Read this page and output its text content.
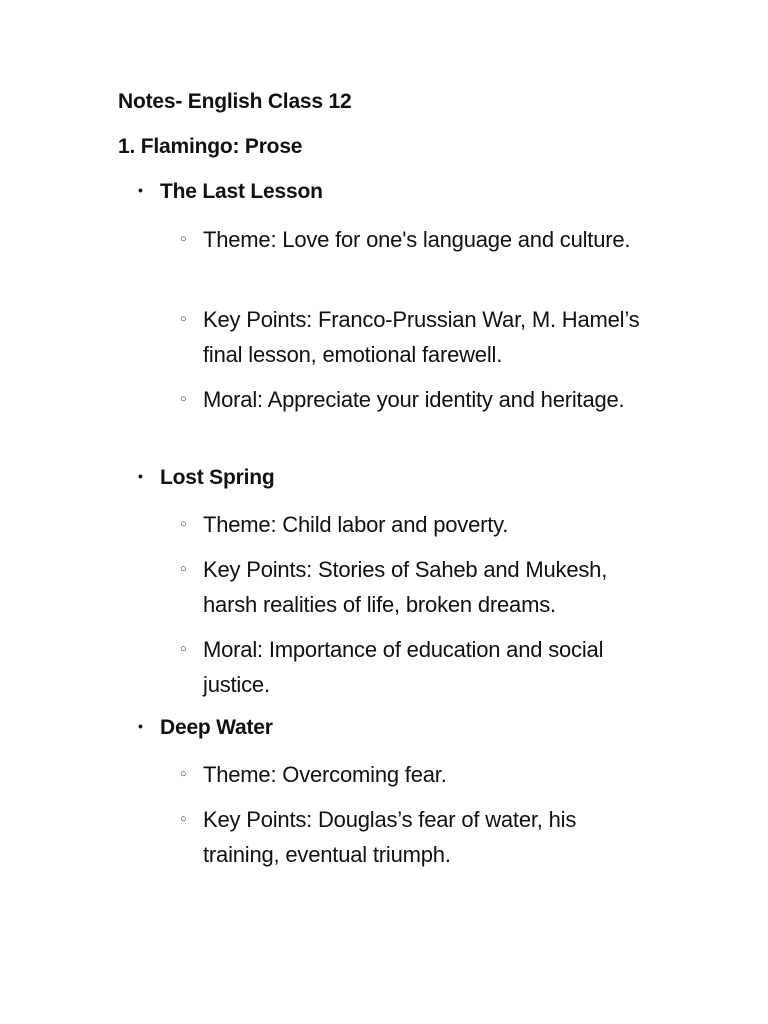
Notes- English Class 12
1. Flamingo: Prose
• The Last Lesson
○ Theme: Love for one's language and culture.
○ Key Points: Franco-Prussian War, M. Hamel’s final lesson, emotional farewell.
○ Moral: Appreciate your identity and heritage.
• Lost Spring
○ Theme: Child labor and poverty.
○ Key Points: Stories of Saheb and Mukesh, harsh realities of life, broken dreams.
○ Moral: Importance of education and social justice.
• Deep Water
○ Theme: Overcoming fear.
○ Key Points: Douglas’s fear of water, his training, eventual triumph.
